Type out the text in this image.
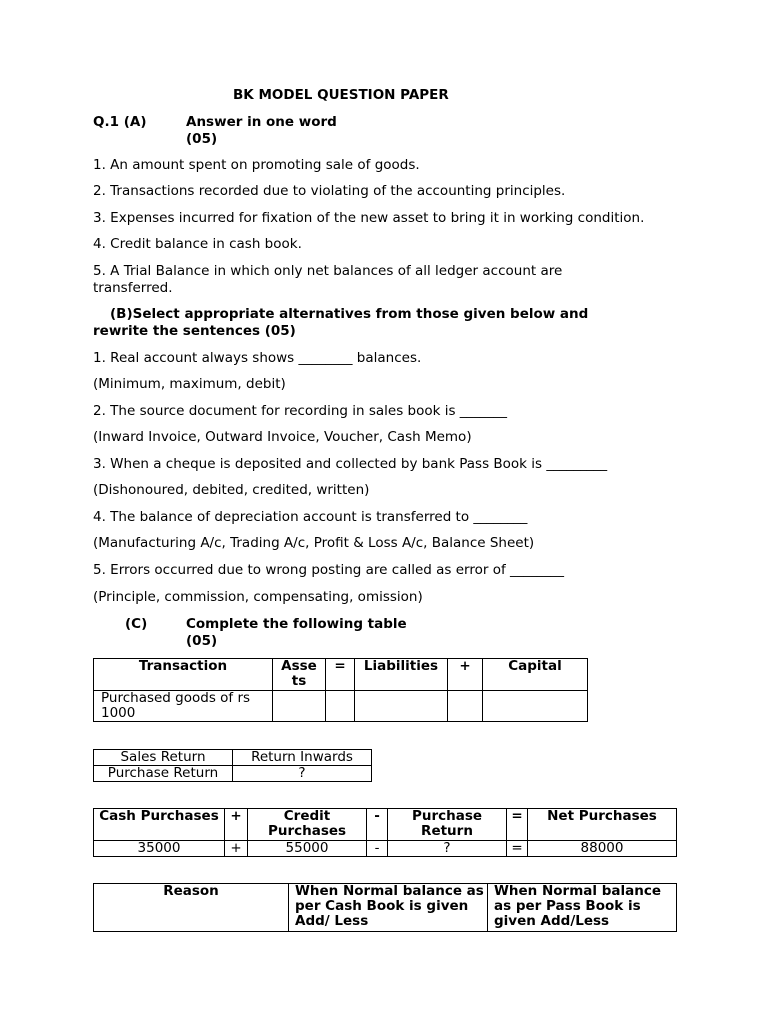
BK MODEL QUESTION PAPER
Q.1 (A)	Answer in one word
(05)
1. An amount spent on promoting sale of goods.
2. Transactions recorded due to violating of the accounting principles.
3. Expenses incurred for fixation of the new asset to bring it in working condition.
4. Credit balance in cash book.
5. A Trial Balance in which only net balances of all ledger account are transferred.
(B)Select appropriate alternatives from those given below and
rewrite the sentences (05)
1. Real account always shows ________ balances.
(Minimum, maximum, debit)
2. The source document for recording in sales book is _______
(Inward Invoice, Outward Invoice, Voucher, Cash Memo)
3. When a cheque is deposited and collected by bank Pass Book is _________
(Dishonoured, debited, credited, written)
4. The balance of depreciation account is transferred to ________
(Manufacturing A/c, Trading A/c, Profit & Loss A/c, Balance Sheet)
5. Errors occurred due to wrong posting are called as error of ________
(Principle, commission, compensating, omission)
(C)	Complete the following table
(05)
Transaction	Asse ts	=	Liabilities	+	Capital
Purchased goods of rs 1000					
Sales Return	Return Inwards
Purchase Return	?
Cash Purchases	+	Credit Purchases	-	Purchase Return	=	Net Purchases
35000	+	55000	-	?	=	88000
Reason	When Normal balance as per Cash Book is given Add/ Less	When Normal balance as per Pass Book is given Add/Less
